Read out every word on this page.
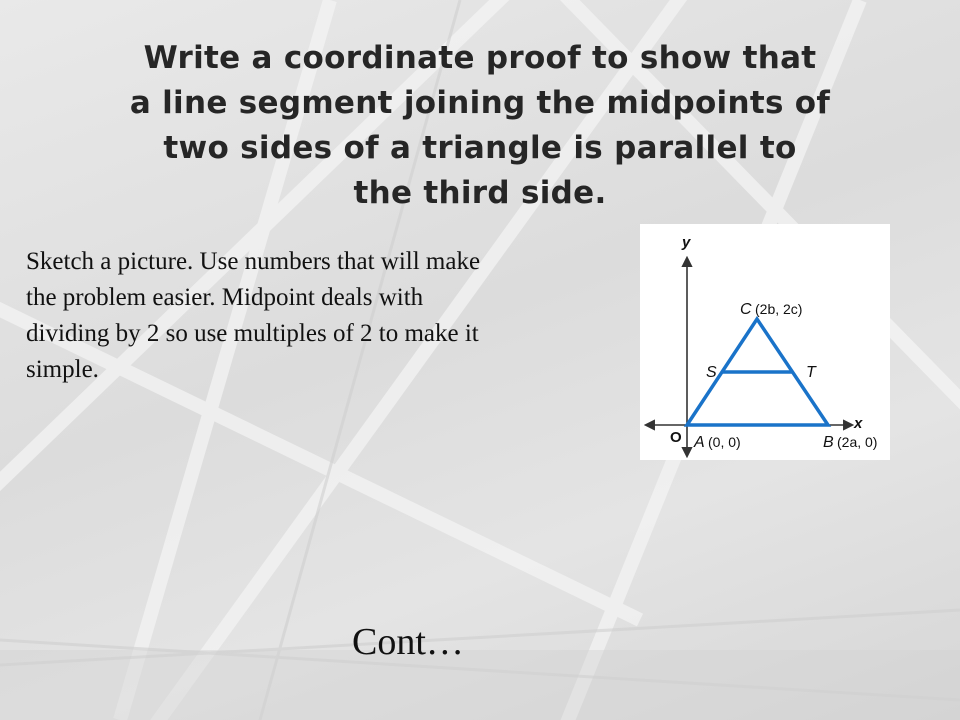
Write a coordinate proof to show that
a line segment joining the midpoints of
two sides of a triangle is parallel to
the third side.
Sketch a picture. Use numbers that will make
the problem easier. Midpoint deals with
dividing by 2 so use multiples of 2 to make it
simple.
y
x
O
C (2b, 2c)
S	T
A (0, 0)	B (2a, 0)
Cont…
